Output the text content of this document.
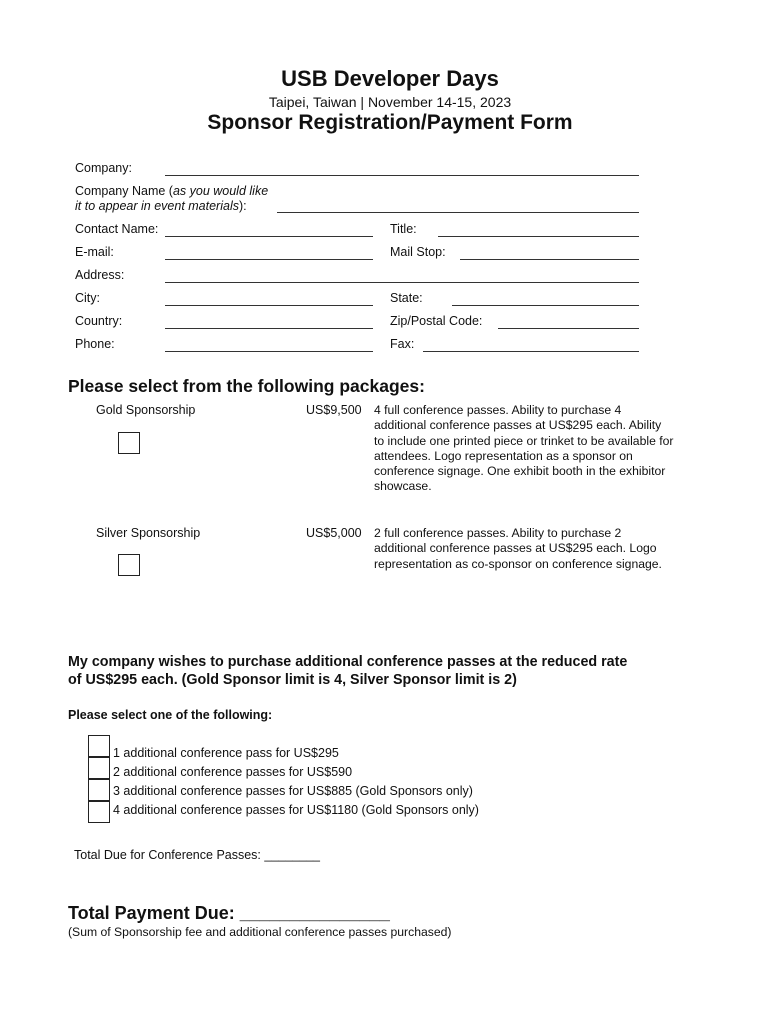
USB Developer Days
Taipei, Taiwan | November 14-15, 2023
Sponsor Registration/Payment Form
Company:
Company Name (as you would like
it to appear in event materials):
Contact Name:	Title:
E-mail:	Mail Stop:
Address:
City:	State:
Country:	Zip/Postal Code:
Phone:	Fax:
Please select from the following packages:
Gold Sponsorship	US$9,500 4 full conference passes. Ability to purchase 4 additional conference passes at US$295 each. Ability to include one printed piece or trinket to be available for attendees. Logo representation as a sponsor on conference signage. One exhibit booth in the exhibitor showcase.
Silver Sponsorship	US$5,000 2 full conference passes. Ability to purchase 2 additional conference passes at US$295 each. Logo representation as co-sponsor on conference signage.
My company wishes to purchase additional conference passes at the reduced rate
of US$295 each. (Gold Sponsor limit is 4, Silver Sponsor limit is 2)
Please select one of the following:
1 additional conference pass for US$295
2 additional conference passes for US$590
3 additional conference passes for US$885 (Gold Sponsors only)
4 additional conference passes for US$1180 (Gold Sponsors only)
Total Due for Conference Passes: ________
Total Payment Due: _______________
(Sum of Sponsorship fee and additional conference passes purchased)
